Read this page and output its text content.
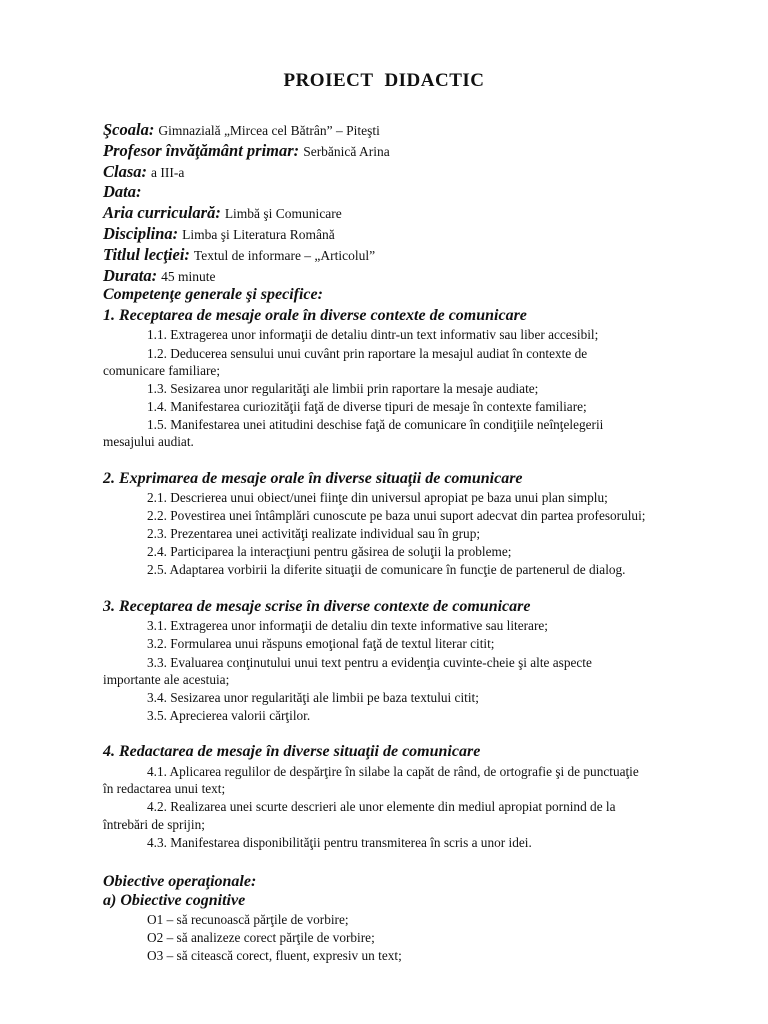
PROIECT DIDACTIC
Şcoala: Gimnazială „Mircea cel Bătrân” – Piteşti
Profesor învăţământ primar: Serbănică Arina
Clasa: a III-a
Data:
Aria curriculară: Limbă şi Comunicare
Disciplina: Limba şi Literatura Română
Titlul lecţiei: Textul de informare – „Articolul”
Durata: 45 minute
Competenţe generale şi specifice:
1. Receptarea de mesaje orale în diverse contexte de comunicare
1.1. Extragerea unor informaţii de detaliu dintr-un text informativ sau liber accesibil;
1.2. Deducerea sensului unui cuvânt prin raportare la mesajul audiat în contexte de
comunicare familiare;
1.3. Sesizarea unor regularităţi ale limbii prin raportare la mesaje audiate;
1.4. Manifestarea curiozităţii faţă de diverse tipuri de mesaje în contexte familiare;
1.5. Manifestarea unei atitudini deschise faţă de comunicare în condiţiile neînţelegerii
mesajului audiat.
2. Exprimarea de mesaje orale în diverse situaţii de comunicare
2.1. Descrierea unui obiect/unei fiinţe din universul apropiat pe baza unui plan simplu;
2.2. Povestirea unei întâmplări cunoscute pe baza unui suport adecvat din partea profesorului;
2.3. Prezentarea unei activităţi realizate individual sau în grup;
2.4. Participarea la interacţiuni pentru găsirea de soluţii la probleme;
2.5. Adaptarea vorbirii la diferite situaţii de comunicare în funcţie de partenerul de dialog.
3. Receptarea de mesaje scrise în diverse contexte de comunicare
3.1. Extragerea unor informaţii de detaliu din texte informative sau literare;
3.2. Formularea unui răspuns emoţional faţă de textul literar citit;
3.3. Evaluarea conţinutului unui text pentru a evidenţia cuvinte-cheie şi alte aspecte
importante ale acestuia;
3.4. Sesizarea unor regularităţi ale limbii pe baza textului citit;
3.5. Aprecierea valorii cărţilor.
4. Redactarea de mesaje în diverse situaţii de comunicare
4.1. Aplicarea regulilor de despărţire în silabe la capăt de rând, de ortografie şi de punctuaţie
în redactarea unui text;
4.2. Realizarea unei scurte descrieri ale unor elemente din mediul apropiat pornind de la
întrebări de sprijin;
4.3. Manifestarea disponibilităţii pentru transmiterea în scris a unor idei.
Obiective operaţionale:
a) Obiective cognitive
O1 – să recunoască părţile de vorbire;
O2 – să analizeze corect părţile de vorbire;
O3 – să citească corect, fluent, expresiv un text;
